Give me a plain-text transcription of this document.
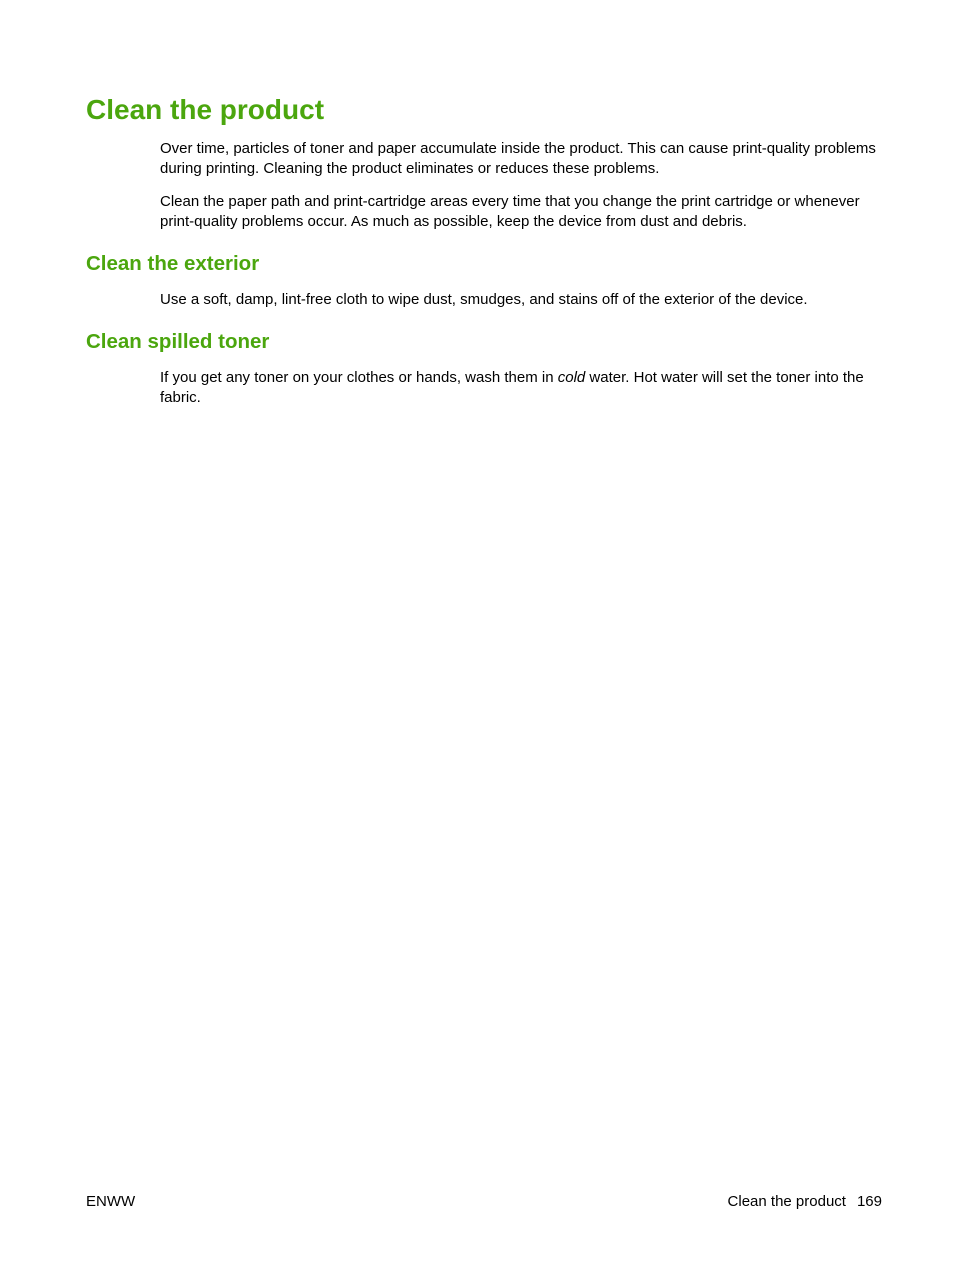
Clean the product

Over time, particles of toner and paper accumulate inside the product. This can cause print-quality problems during printing. Cleaning the product eliminates or reduces these problems.

Clean the paper path and print-cartridge areas every time that you change the print cartridge or whenever print-quality problems occur. As much as possible, keep the device from dust and debris.

Clean the exterior

Use a soft, damp, lint-free cloth to wipe dust, smudges, and stains off of the exterior of the device.

Clean spilled toner

If you get any toner on your clothes or hands, wash them in cold water. Hot water will set the toner into the fabric.

ENWW	Clean the product 169
